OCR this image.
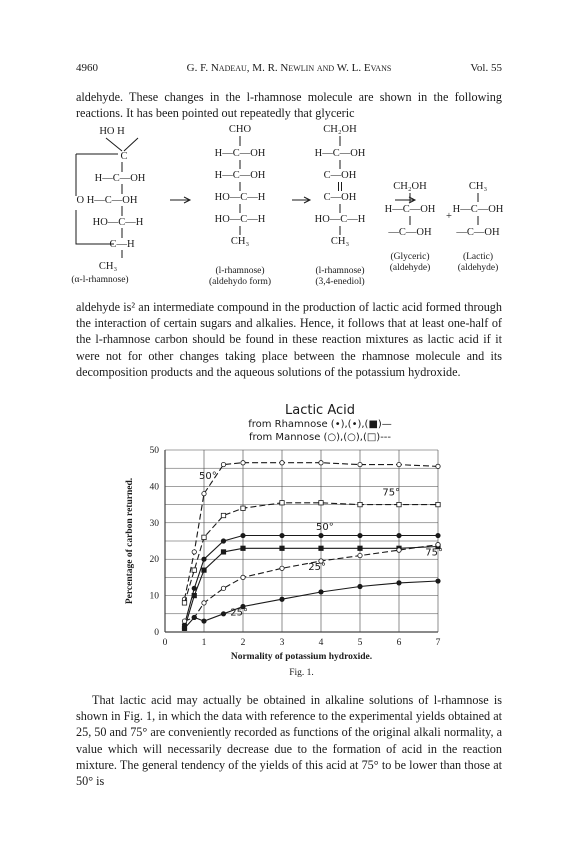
4960	G. F. Nadeau, M. R. Newlin and W. L. Evans	Vol. 55

aldehyde. These changes in the l-rhamnose molecule are shown in the following reactions. It has been pointed out repeatedly that glyceric

HO H
C
H—C—OH
O H—C—OH
HO—C—H
C—H
CH₃
(α-l-rhamnose)
CHO
H—C—OH
H—C—OH
HO—C—H
HO—C—H
CH₃
(l-rhamnose)
(aldehydo form)
CH₂OH
H—C—OH
C—OH
C—OH
HO—C—H
CH₃
(l-rhamnose)
(3,4-enediol)
CH₂OH
H—C—OH
—C—OH
(Glyceric)
(aldehyde)
+
CH₃
H—C—OH
—C—OH
(Lactic)
(aldehyde)

aldehyde is² an intermediate compound in the production of lactic acid formed through the interaction of certain sugars and alkalies. Hence, it follows that at least one-half of the l-rhamnose carbon should be found in these reaction mixtures as lactic acid if it were not for other changes taking place between the rhamnose molecule and its decomposition products and the aqueous solutions of the potassium hydroxide.

Lactic Acid
from Rhamnose (•),(•),(■)—
from Mannose (○),(○),(□)---
0	1	2	3	4	5	6	7
0
10
20
30
40
50
Normality of potassium hydroxide.
Percentage of carbon returned.
Fig. 1.
50°
75°
50°
75°
25°
25°

That lactic acid may actually be obtained in alkaline solutions of l-rhamnose is shown in Fig. 1, in which the data with reference to the experimental yields obtained at 25, 50 and 75° are conveniently recorded as functions of the original alkali normality, a value which will necessarily decrease due to the formation of acid in the reaction mixture. The general tendency of the yields of this acid at 75° to be lower than those at 50° is
